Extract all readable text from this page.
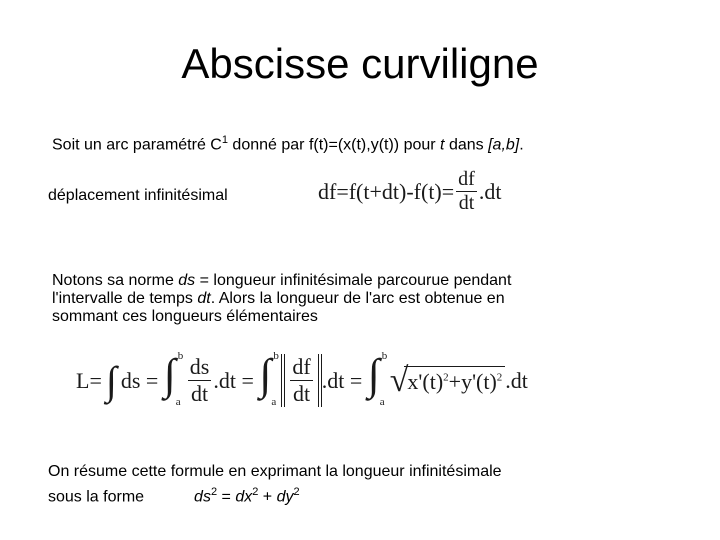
Abscisse curviligne
Soit un arc paramétré $C^1$ donné par f(t)=(x(t),y(t)) pour t dans [a,b].
déplacement infinitésimal	$df=f(t+dt)-f(t)= \frac{df}{dt} .dt$
Notons sa norme ds = longueur infinitésimale parcourue pendant
l'intervalle de temps dt. Alors la longueur de l'arc est obtenue en
sommant ces longueurs élémentaires
L= ∫ ds = ∫ b
a $\frac{ds}{dt} .dt$ = ∫ b
a $\frac{df}{dt} .dt$ = ∫ b
a
$√x'(t)^2+y'(t)^2$ .dt
On résume cette formule en exprimant la longueur infinitésimale
sous la forme	$ds^2 = dx^2 + dy^2$
